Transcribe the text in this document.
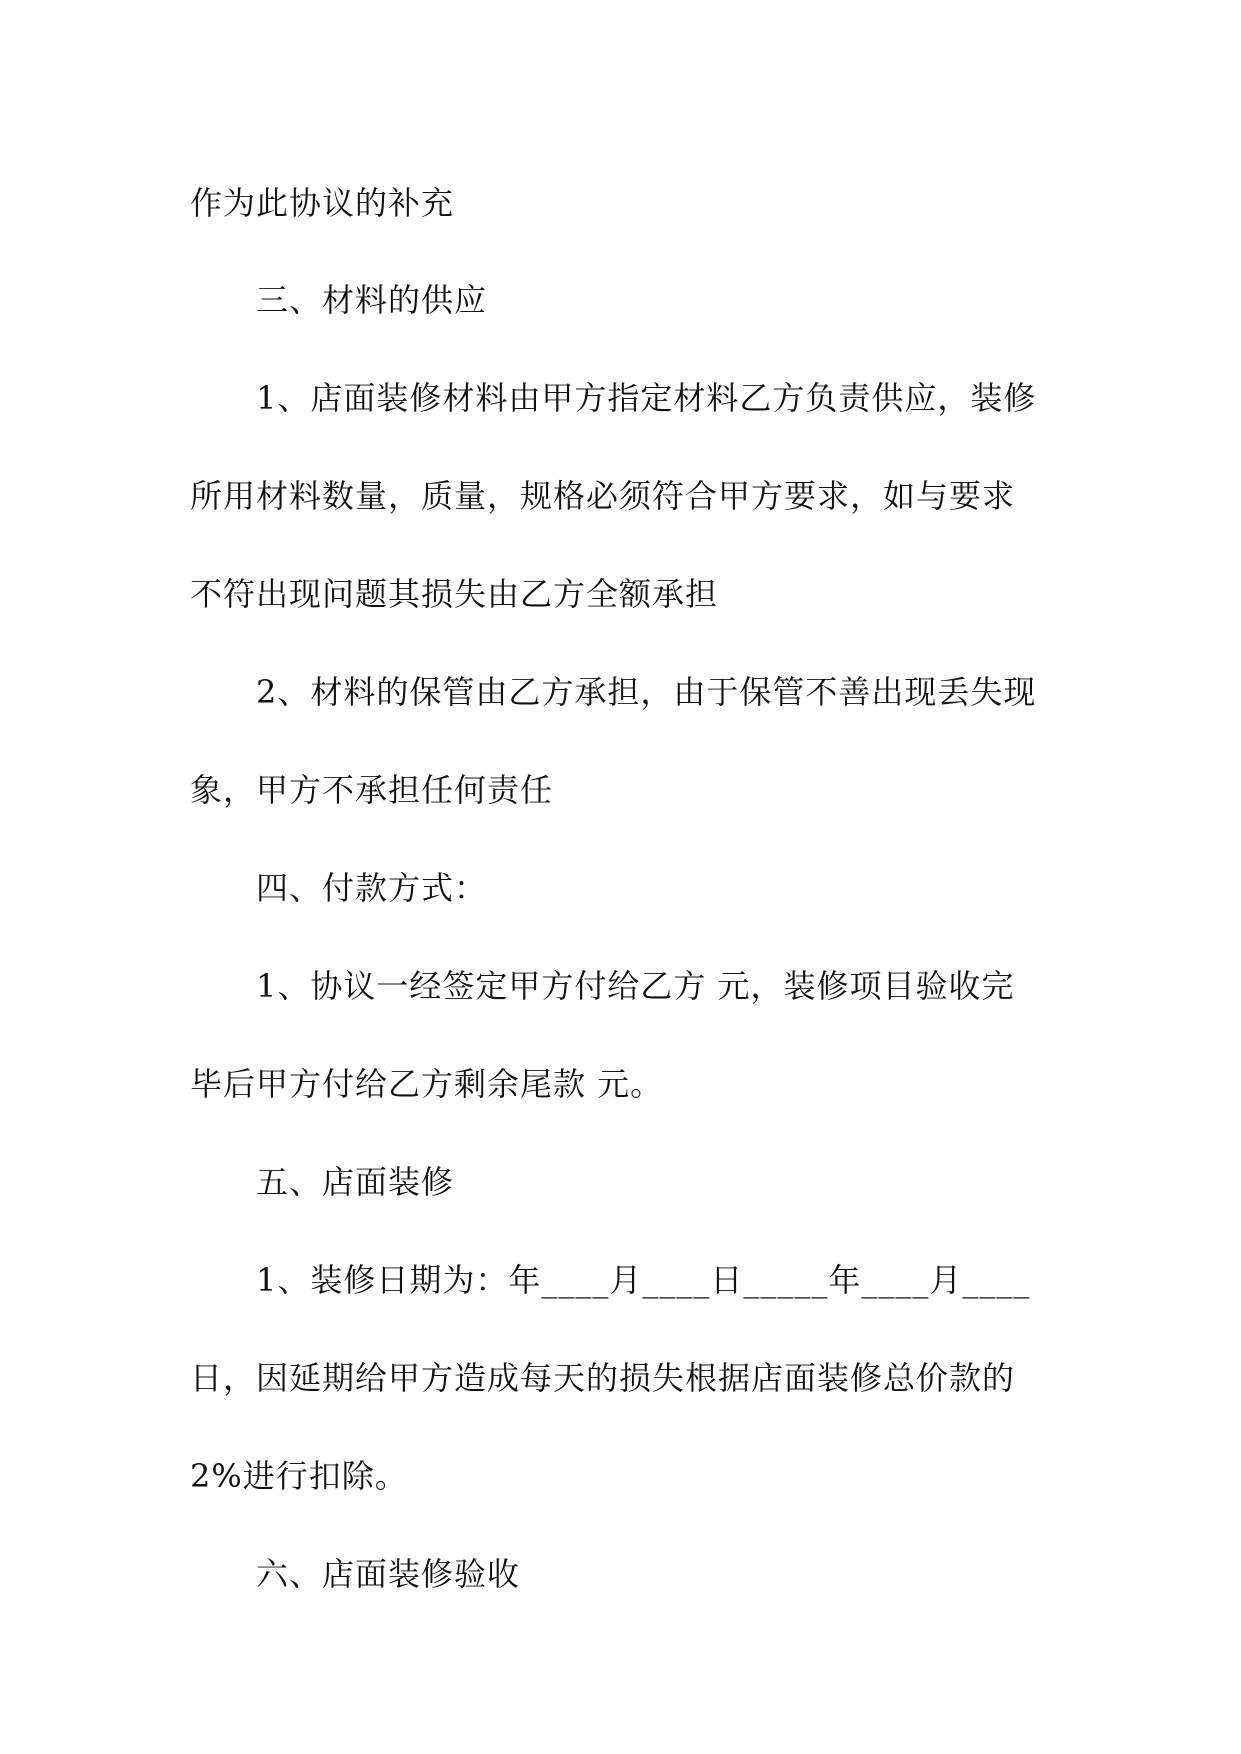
作为此协议的补充
三、材料的供应
1、店面装修材料由甲方指定材料乙方负责供应，装修
所用材料数量，质量，规格必须符合甲方要求，如与要求
不符出现问题其损失由乙方全额承担
2、材料的保管由乙方承担，由于保管不善出现丢失现
象，甲方不承担任何责任
四、付款方式：
1、协议一经签定甲方付给乙方 元，装修项目验收完
毕后甲方付给乙方剩余尾款 元。
五、店面装修
1、装修日期为：年____月____日_____年____月____
日，因延期给甲方造成每天的损失根据店面装修总价款的
2%进行扣除。
六、店面装修验收
